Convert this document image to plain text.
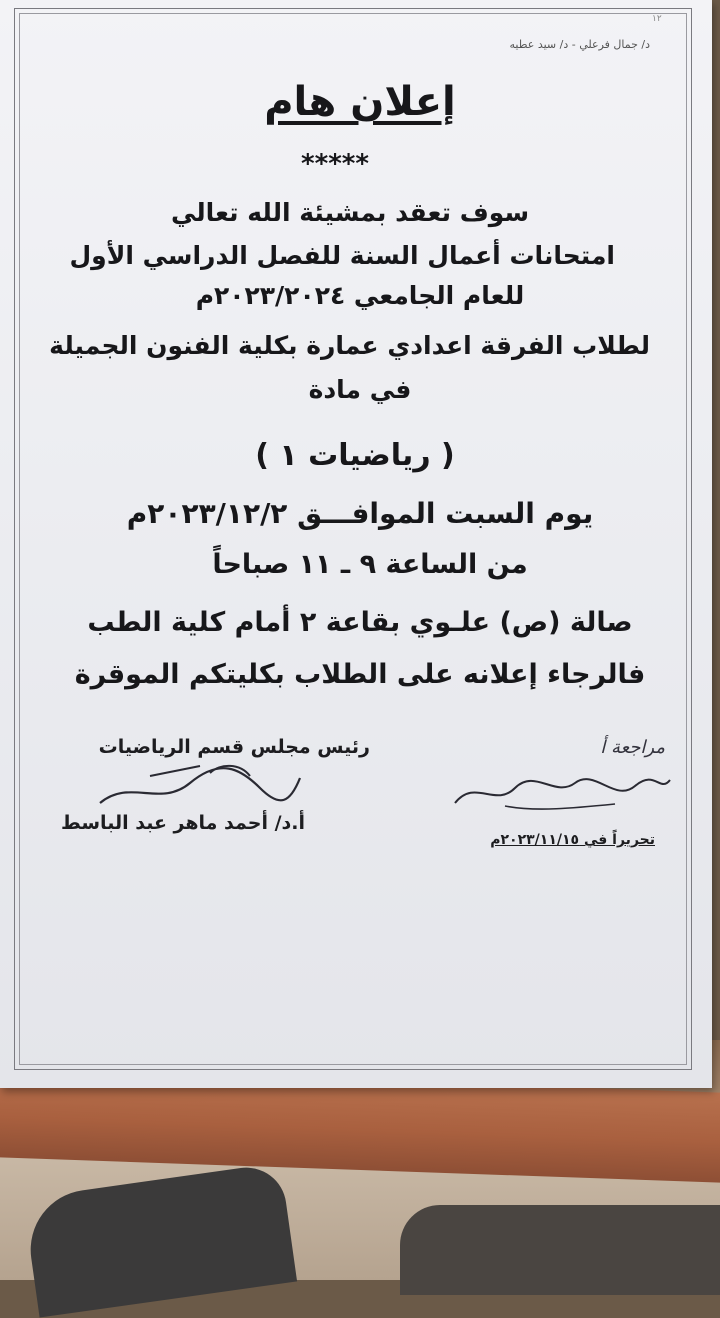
١٢
د/ جمال فرعلي - د/ سيد عطيه
إعلان هام
*****
سوف تعقد بمشيئة الله تعالي
امتحانات أعمال السنة للفصل الدراسي الأول
للعام الجامعي ٢٠٢٣/٢٠٢٤م
لطلاب الفرقة اعدادي عمارة بكلية الفنون الجميلة
في مادة
( رياضيات ١ )
يوم السبت الموافـــق ٢٠٢٣/١٢/٢م
من الساعة ٩ ـ ١١ صباحاً
صالة (ص) علـوي بقاعة ٢ أمام كلية الطب
فالرجاء إعلانه على الطلاب بكليتكم الموقرة
رئيس مجلس قسم الرياضيات
أ.د/ أحمد ماهر عبد الباسط
مراجعة أ
تحريراً في ٢٠٢٣/١١/١٥م
